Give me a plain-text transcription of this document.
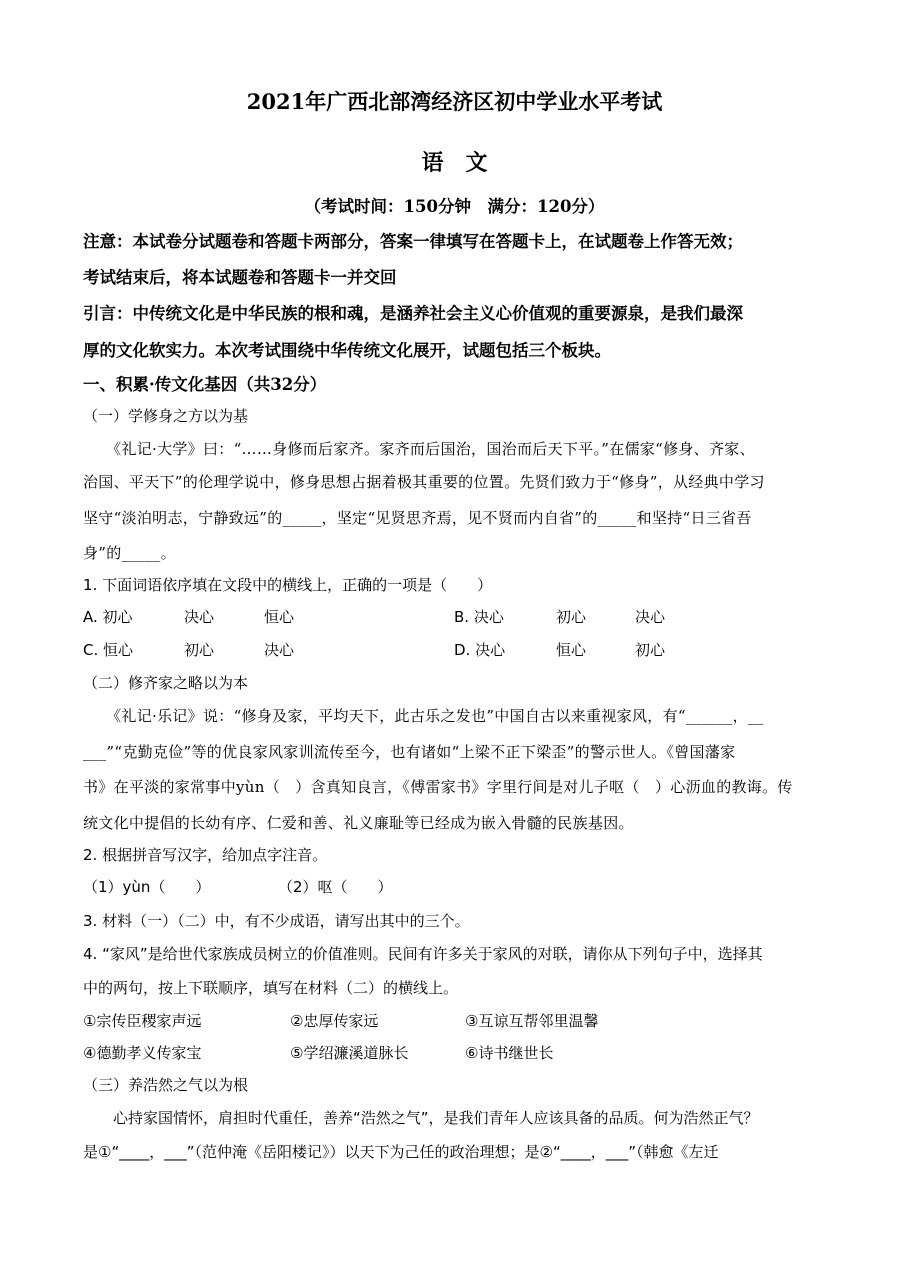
2021年广西北部湾经济区初中学业水平考试
语　文
（考试时间：150分钟　满分：120分）
注意：本试卷分试题卷和答题卡两部分，答案一律填写在答题卡上，在试题卷上作答无效；
考试结束后，将本试题卷和答题卡一并交回
引言：中传统文化是中华民族的根和魂，是涵养社会主义心价值观的重要源泉，是我们最深
厚的文化软实力。本次考试围绕中华传统文化展开，试题包括三个板块。
一、积累·传文化基因（共32分）
（一）学修身之方以为基
　　《礼记·大学》曰：“……身修而后家齐。家齐而后国治，国治而后天下平。”在儒家“修身、齐家、
治国、平天下”的伦理学说中，修身思想占据着极其重要的位置。先贤们致力于“修身”，从经典中学习
坚守“淡泊明志，宁静致远”的_____，坚定“见贤思齐焉，见不贤而内自省”的_____和坚持“日三省吾
身”的_____。
1. 下面词语依序填在文段中的横线上，正确的一项是（　　）
A. 初心	决心	恒心	B. 决心	初心	决心
C. 恒心	初心	决心	D. 决心	恒心	初心
（二）修齐家之略以为本
　　《礼记·乐记》说：“修身及家，平均天下，此古乐之发也”中国自古以来重视家风，有“______，__
___”“克勤克俭”等的优良家风家训流传至今，也有诸如“上梁不正下梁歪”的警示世人。《曾国藩家
书》在平淡的家常事中yùn（　）含真知良言，《傅雷家书》字里行间是对儿子呕（　）心沥血的教诲。传
统文化中提倡的长幼有序、仁爱和善、礼义廉耻等已经成为嵌入骨髓的民族基因。
2. 根据拼音写汉字，给加点字注音。
（1）yùn（　　）	（2）呕（　　）
3. 材料（一）（二）中，有不少成语，请写出其中的三个。
4. “家风”是给世代家族成员树立的价值准则。民间有许多关于家风的对联，请你从下列句子中，选择其
中的两句，按上下联顺序，填写在材料（二）的横线上。
①宗传臣稷家声远	②忠厚传家远	③互谅互帮邻里温馨
④德勤孝义传家宝	⑤学绍濂溪道脉长	⑥诗书继世长
（三）养浩然之气以为根
　　心持家国情怀，肩担时代重任，善养“浩然之气”，是我们青年人应该具备的品质。何为浩然正气？
是①“____，___”（范仲淹《岳阳楼记》）以天下为己任的政治理想；是②“____，___”（韩愈《左迁
